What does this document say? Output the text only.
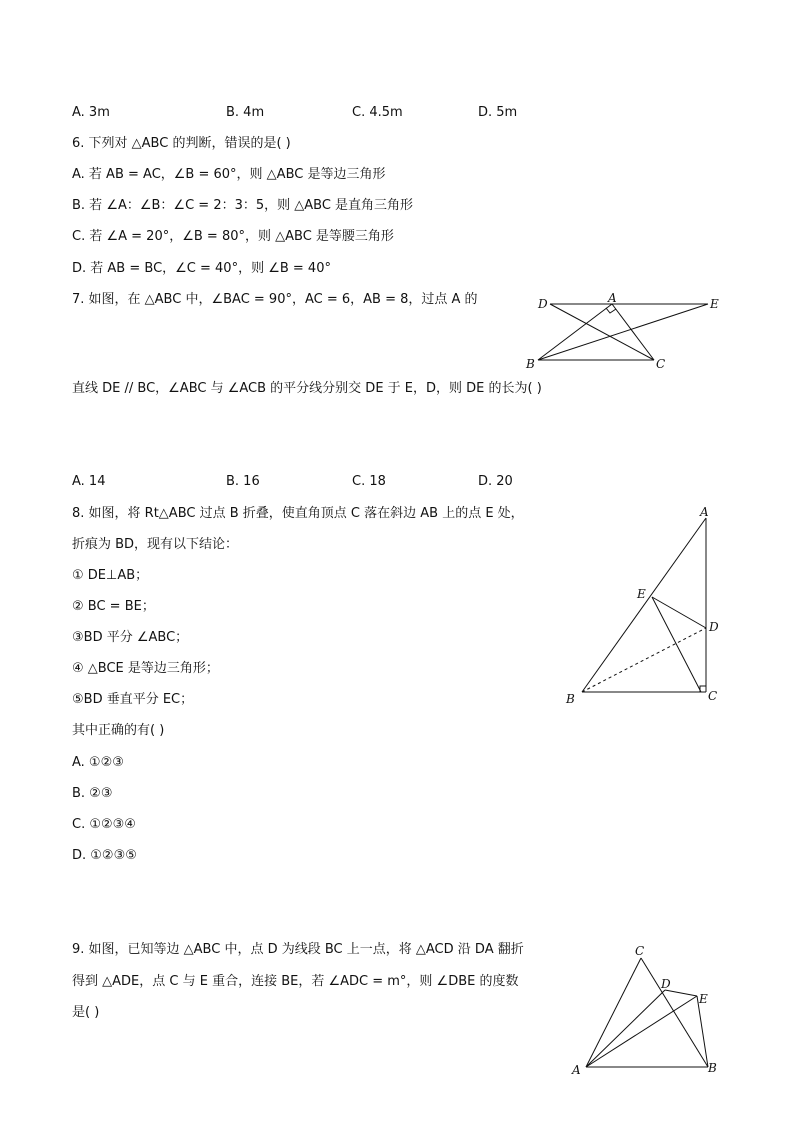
A. 3m	B. 4m	C. 4.5m	D. 5m
6. 下列对 △ABC 的判断，错误的是( )
A. 若 AB = AC，∠B = 60°，则 △ABC 是等边三角形
B. 若 ∠A：∠B：∠C = 2：3：5，则 △ABC 是直角三角形
C. 若 ∠A = 20°，∠B = 80°，则 △ABC 是等腰三角形
D. 若 AB = BC，∠C = 40°，则 ∠B = 40°
7. 如图，在 △ABC 中，∠BAC = 90°，AC = 6，AB = 8，过点 A 的
直线 DE // BC，∠ABC 与 ∠ACB 的平分线分别交 DE 于 E，D，则 DE 的长为( )
D	A	E
B	C
A. 14	B. 16	C. 18	D. 20
8. 如图，将 Rt△ABC 过点 B 折叠，使直角顶点 C 落在斜边 AB 上的点 E 处，
折痕为 BD，现有以下结论：
① DE⊥AB；
② BC = BE；
③BD 平分 ∠ABC；
④ △BCE 是等边三角形；
⑤BD 垂直平分 EC；
其中正确的有( )
A. ①②③
B. ②③
C. ①②③④
D. ①②③⑤
A
E
D
B	C
9. 如图，已知等边 △ABC 中，点 D 为线段 BC 上一点，将 △ACD 沿 DA 翻折
得到 △ADE，点 C 与 E 重合，连接 BE，若 ∠ADC = m°，则 ∠DBE 的度数
是( )
C
D
E
A	B
